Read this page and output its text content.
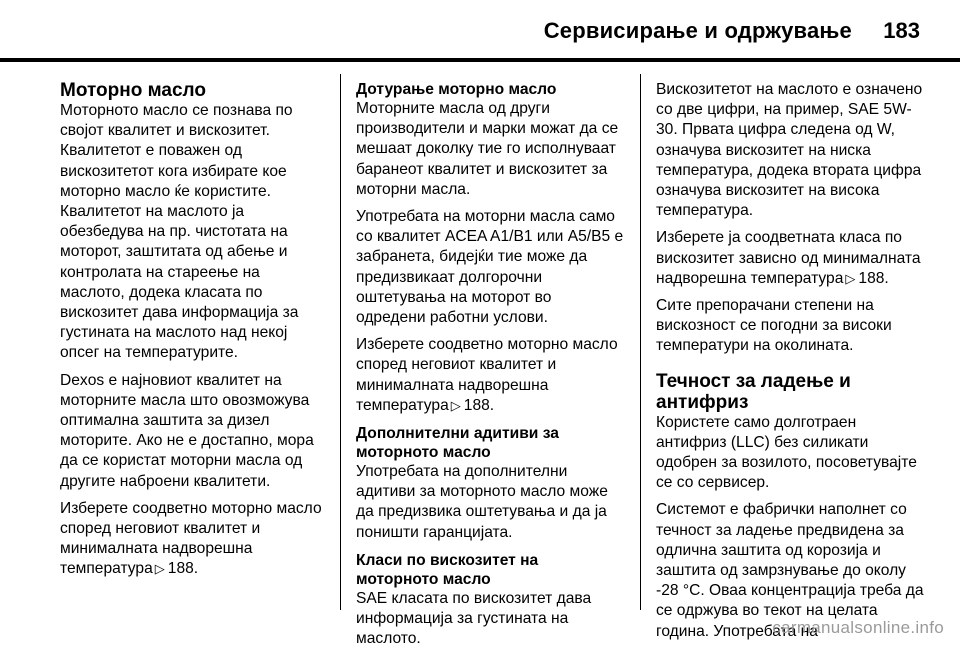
Сервисирање и одржување 183
Моторно масло

Моторното масло се познава по својот квалитет и вискозитет. Квалитетот е поважен од вискозитетот кога избирате кое моторно масло ќе користите. Квалитетот на маслото ја обезбедува на пр. чистотата на моторот, заштитата од абење и контролата на стареење на маслото, додека класата по вискозитет дава информација за густината на маслото над некој опсег на температурите.

Dexos е најновиот квалитет на моторните масла што овозможува оптимална заштита за дизел моторите. Ако не е достапно, мора да се користат моторни масла од другите наброени квалитети.

Изберете соодветно моторно масло според неговиот квалитет и минималната надворешна температура ▷ 188.

Дотурање моторно масло

Моторните масла од други производители и марки можат да се мешаат доколку тие го исполнуваат баранеот квалитет и вискозитет за моторни масла.

Употребата на моторни масла само со квалитет ACEA A1/B1 или A5/B5 е забранета, бидејќи тие може да предизвикаат долгорочни оштетувања на моторот во одредени работни услови.

Изберете соодветно моторно масло според неговиот квалитет и минималната надворешна температура ▷ 188.

Дополнителни адитиви за моторното масло

Употребата на дополнителни адитиви за моторното масло може да предизвика оштетувања и да ја поништи гаранцијата.

Класи по вискозитет на моторното масло

SAE класата по вискозитет дава информација за густината на маслото.

Вискозитетот на маслото е означено со две цифри, на пример, SAE 5W-30. Првата цифра следена од W, означува вискозитет на ниска температура, додека втората цифра означува вискозитет на висока температура.

Изберете ја соодветната класа по вискозитет зависно од минималната надворешна температура ▷ 188.

Сите препорачани степени на вискозност се погодни за високи температури на околината.

Течност за ладење и антифриз

Користете само долготраен антифриз (LLC) без силикати одобрен за возилото, посоветувајте се со сервисер.

Системот е фабрички наполнет со течност за ладење предвидена за одлична заштита од корозија и заштита од замрзнување до околу -28 °C. Оваа концентрација треба да се одржува во текот на целата година. Употребата на

carmanualsonline.info
